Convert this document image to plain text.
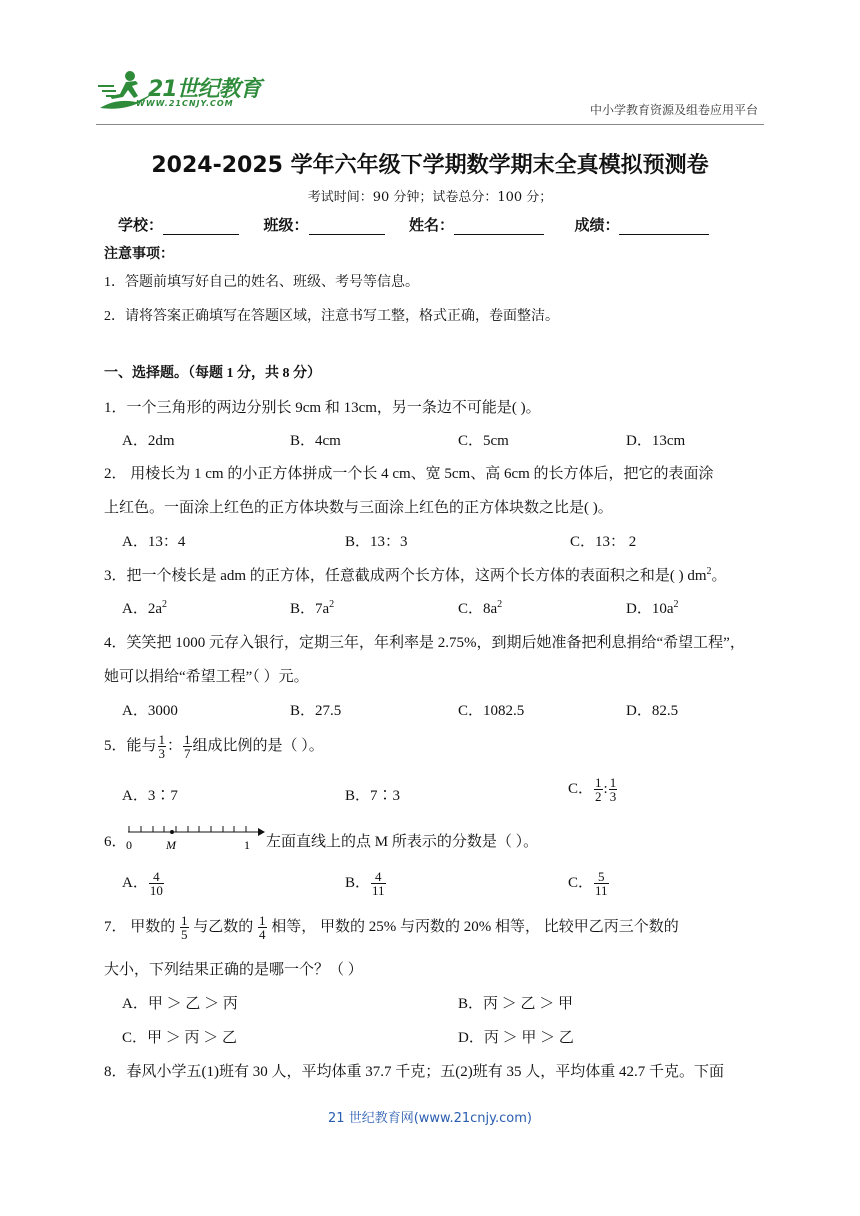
21世纪教育
WWW.21CNJY.COM	中小学教育资源及组卷应用平台
2024-2025 学年六年级下学期数学期末全真模拟预测卷
考试时间：90 分钟；试卷总分：100 分；
学校：	班级：	姓名：	成绩：
注意事项：
1．答题前填写好自己的姓名、班级、考号等信息。
2．请将答案正确填写在答题区域，注意书写工整，格式正确，卷面整洁。
一、选择题。（每题 1 分，共 8 分）
1．一个三角形的两边分别长 9cm 和 13cm，另一条边不可能是( )。
A．2dm	B．4cm	C．5cm	D．13cm
2． 用棱长为 1 cm 的小正方体拼成一个长 4 cm、宽 5cm、高 6cm 的长方体后，把它的表面涂
上红色。一面涂上红色的正方体块数与三面涂上红色的正方体块数之比是( )。
A．13：4	B．13：3	C．13： 2
3．把一个棱长是 adm 的正方体，任意截成两个长方体，这两个长方体的表面积之和是( ) $dm^2$。
A．$2a^2$	B．$7a^2$	C．$8a^2$	D．$10a^2$
4．笑笑把 1000 元存入银行，定期三年，年利率是 2.75%，到期后她准备把利息捐给“希望工程”，
她可以捐给“希望工程”（ ）元。
A．3000	B．27.5	C．1082.5	D．82.5
5．能与 $\frac{1}{3}$ ： $\frac{1}{7}$ 组成比例的是（ ）。
A．3∶7	B．7∶3	C． $\frac{1}{2}$ : $\frac{1}{3}$
6． 0	M	1 左面直线上的点 M 所表示的分数是（ ）。
A． $\frac{4}{10}$	B． $\frac{4}{11}$	C． $\frac{5}{11}$
7． 甲数的 $\frac{1}{5}$ 与乙数的 $\frac{1}{4}$ 相等， 甲数的 25% 与丙数的 20% 相等， 比较甲乙丙三个数的
大小，下列结果正确的是哪一个？（ ）
A．甲 ＞ 乙 ＞ 丙	B．丙 ＞ 乙 ＞ 甲
C．甲 ＞ 丙 ＞ 乙	D．丙 ＞ 甲 ＞ 乙
8．春风小学五(1)班有 30 人，平均体重 37.7 千克；五(2)班有 35 人，平均体重 42.7 千克。下面
21 世纪教育网(www.21cnjy.com)
